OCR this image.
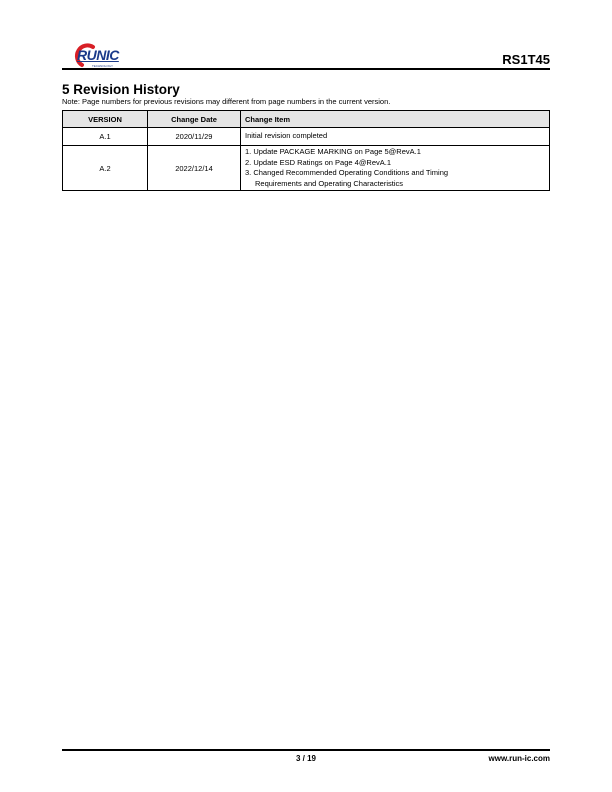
RUNIC
TECHNOLOGY	RS1T45
5 Revision History
Note: Page numbers for previous revisions may different from page numbers in the current version.
VERSION	Change Date	Change Item
A.1	2020/11/29	Initial revision completed

A.2	2022/12/14	1. Update PACKAGE MARKING on Page 5@RevA.1
2. Update ESD Ratings on Page 4@RevA.1
3. Changed Recommended Operating Conditions and Timing
Requirements and Operating Characteristics
3 / 19	www.run-ic.com
